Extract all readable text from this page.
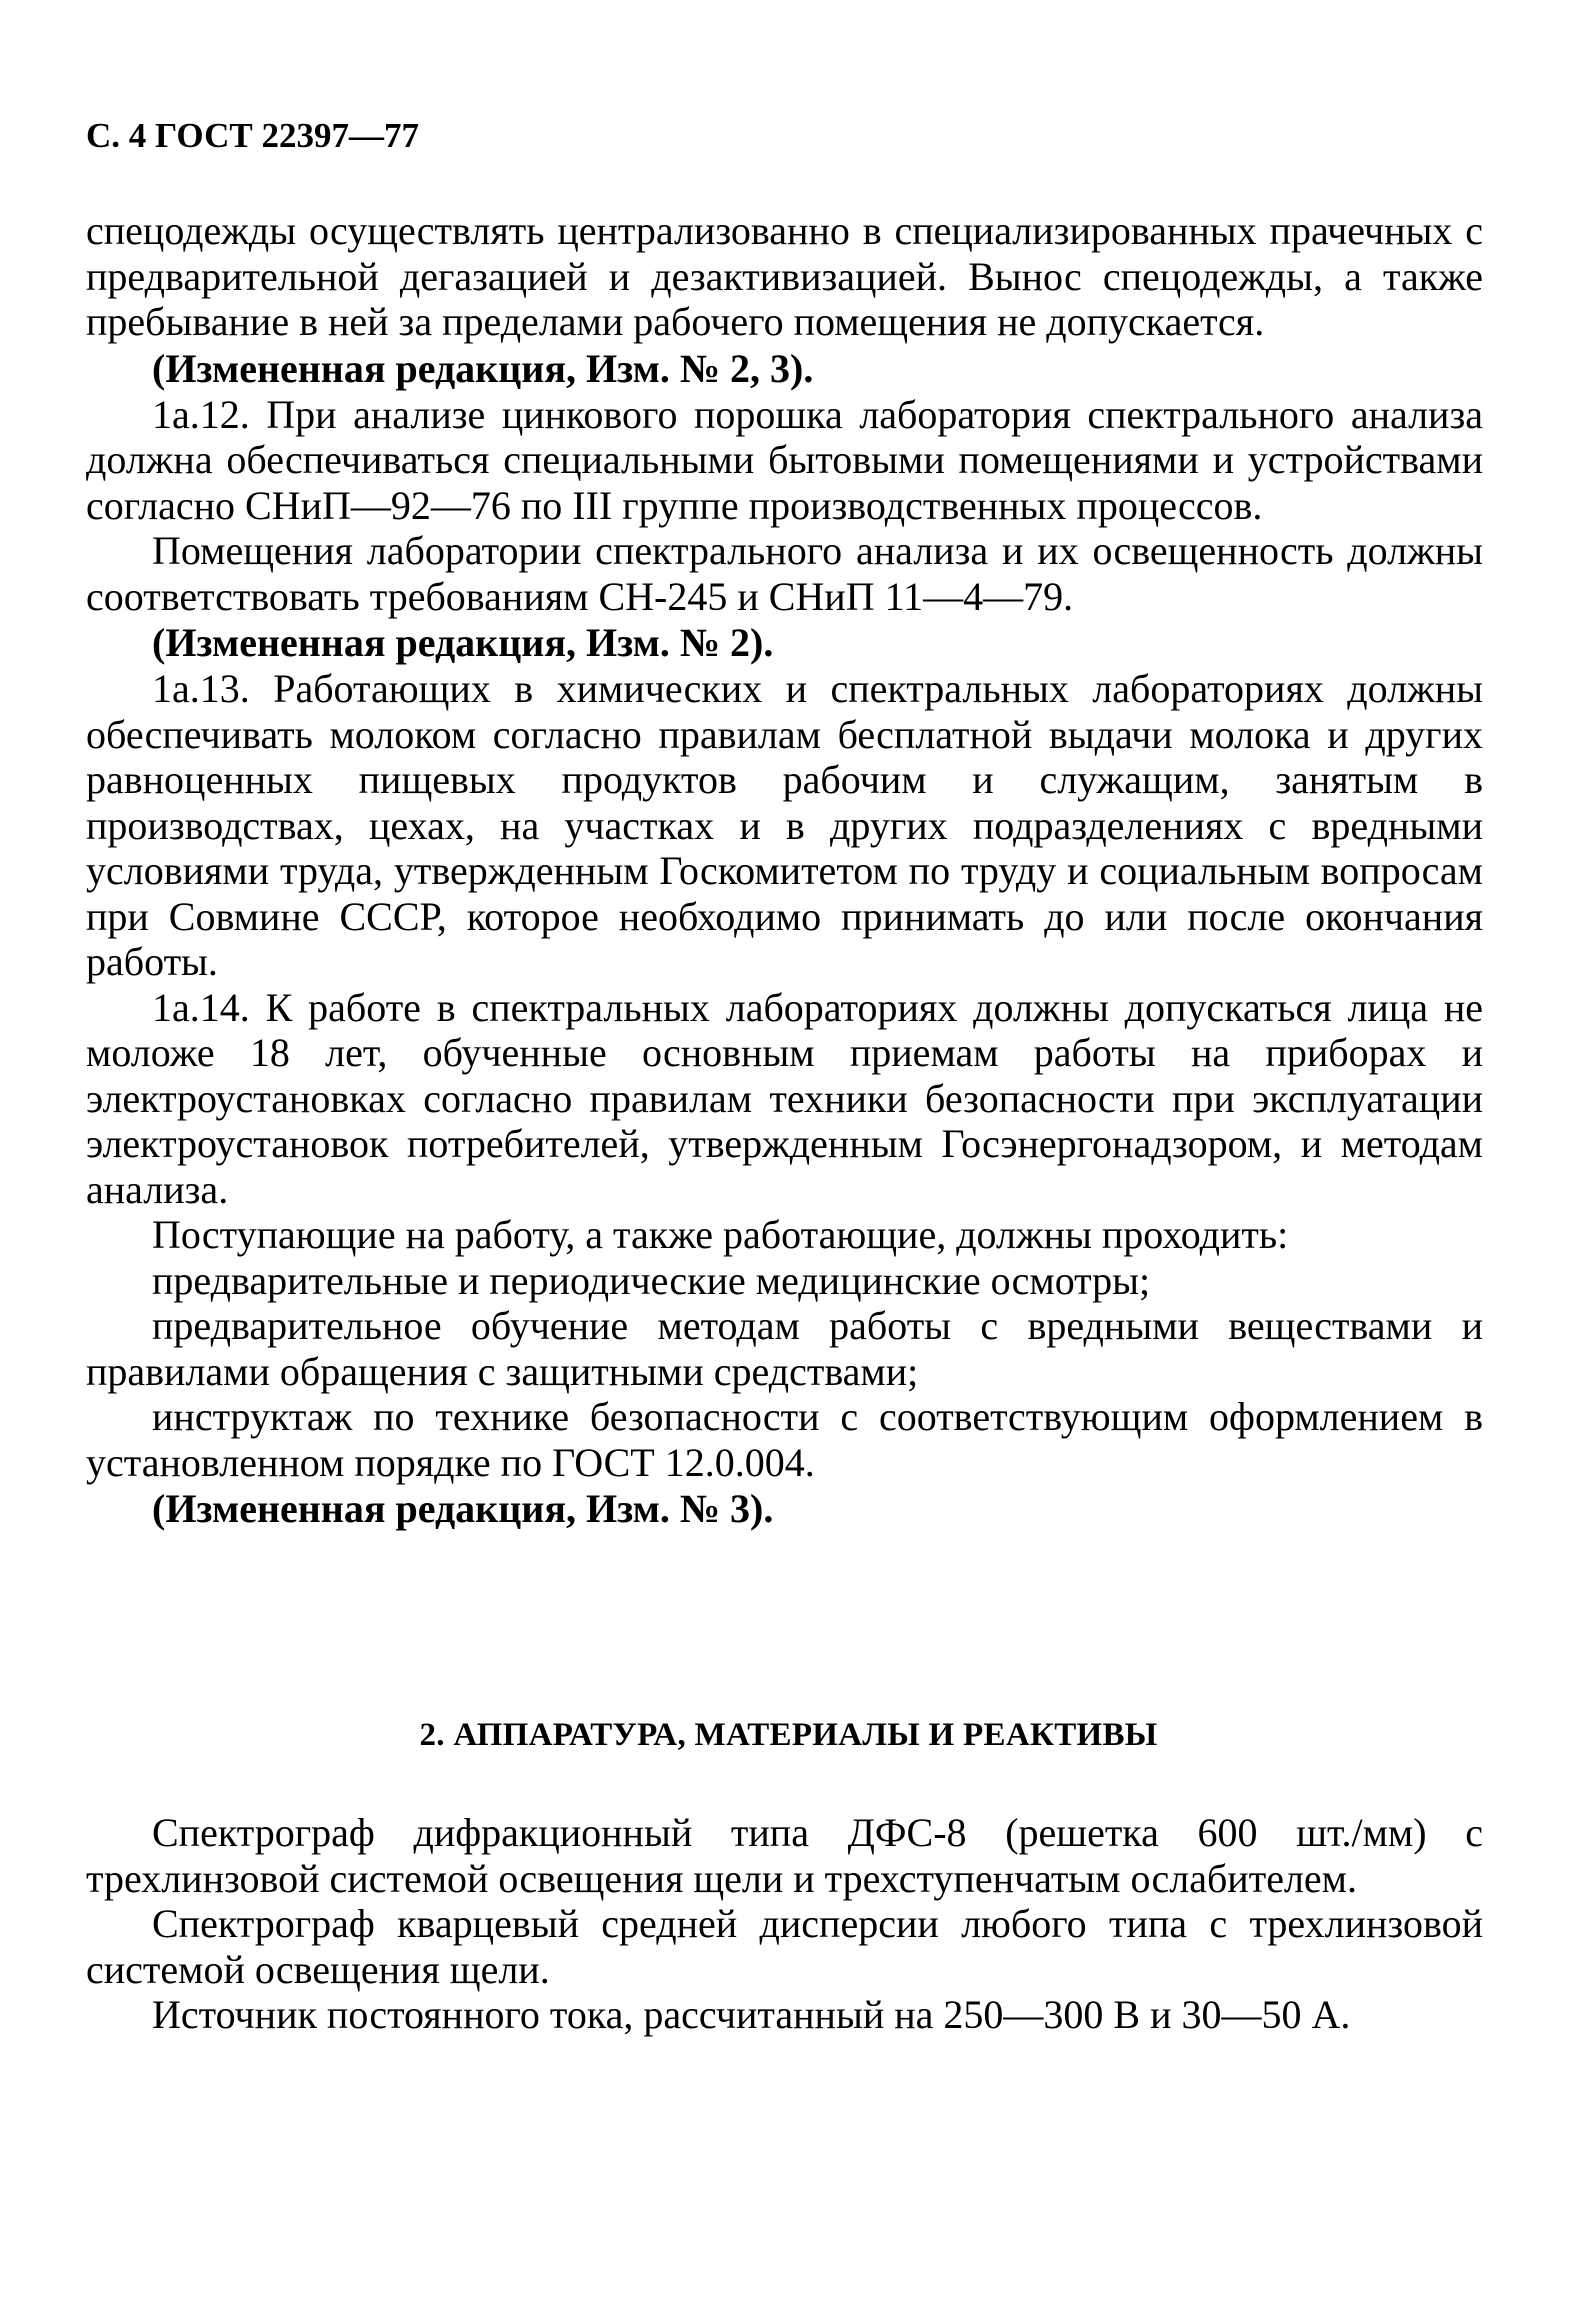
С. 4 ГОСТ 22397—77

спецодежды осуществлять централизованно в специализированных прачечных с предварительной дегазацией и дезактивизацией. Вынос спецодежды, а также пребывание в ней за пределами рабочего помещения не допускается.

(Измененная редакция, Изм. № 2, 3).

1а.12. При анализе цинкового порошка лаборатория спектрального анализа должна обеспечиваться специальными бытовыми помещениями и устройствами согласно СНиП—92—76 по III группе производственных процессов.

Помещения лаборатории спектрального анализа и их освещенность должны соответствовать требованиям СН-245 и СНиП 11—4—79.

(Измененная редакция, Изм. № 2).

1а.13. Работающих в химических и спектральных лабораториях должны обеспечивать молоком согласно правилам бесплатной выдачи молока и других равноценных пищевых продуктов рабочим и служащим, занятым в производствах, цехах, на участках и в других подразделениях с вредными условиями труда, утвержденным Госкомитетом по труду и социальным вопросам при Совмине СССР, которое необходимо принимать до или после окончания работы.

1а.14. К работе в спектральных лабораториях должны допускаться лица не моложе 18 лет, обученные основным приемам работы на приборах и электроустановках согласно правилам техники безопасности при эксплуатации электроустановок потребителей, утвержденным Госэнергонадзором, и методам анализа.

Поступающие на работу, а также работающие, должны проходить:

предварительные и периодические медицинские осмотры;

предварительное обучение методам работы с вредными веществами и правилами обращения с защитными средствами;

инструктаж по технике безопасности с соответствующим оформлением в установленном порядке по ГОСТ 12.0.004.

(Измененная редакция, Изм. № 3).

2. АППАРАТУРА, МАТЕРИАЛЫ И РЕАКТИВЫ

Спектрограф дифракционный типа ДФС-8 (решетка 600 шт./мм) с трехлинзовой системой освещения щели и трехступенчатым ослабителем.

Спектрограф кварцевый средней дисперсии любого типа с трехлинзовой системой освещения щели.

Источник постоянного тока, рассчитанный на 250—300 В и 30—50 А.
